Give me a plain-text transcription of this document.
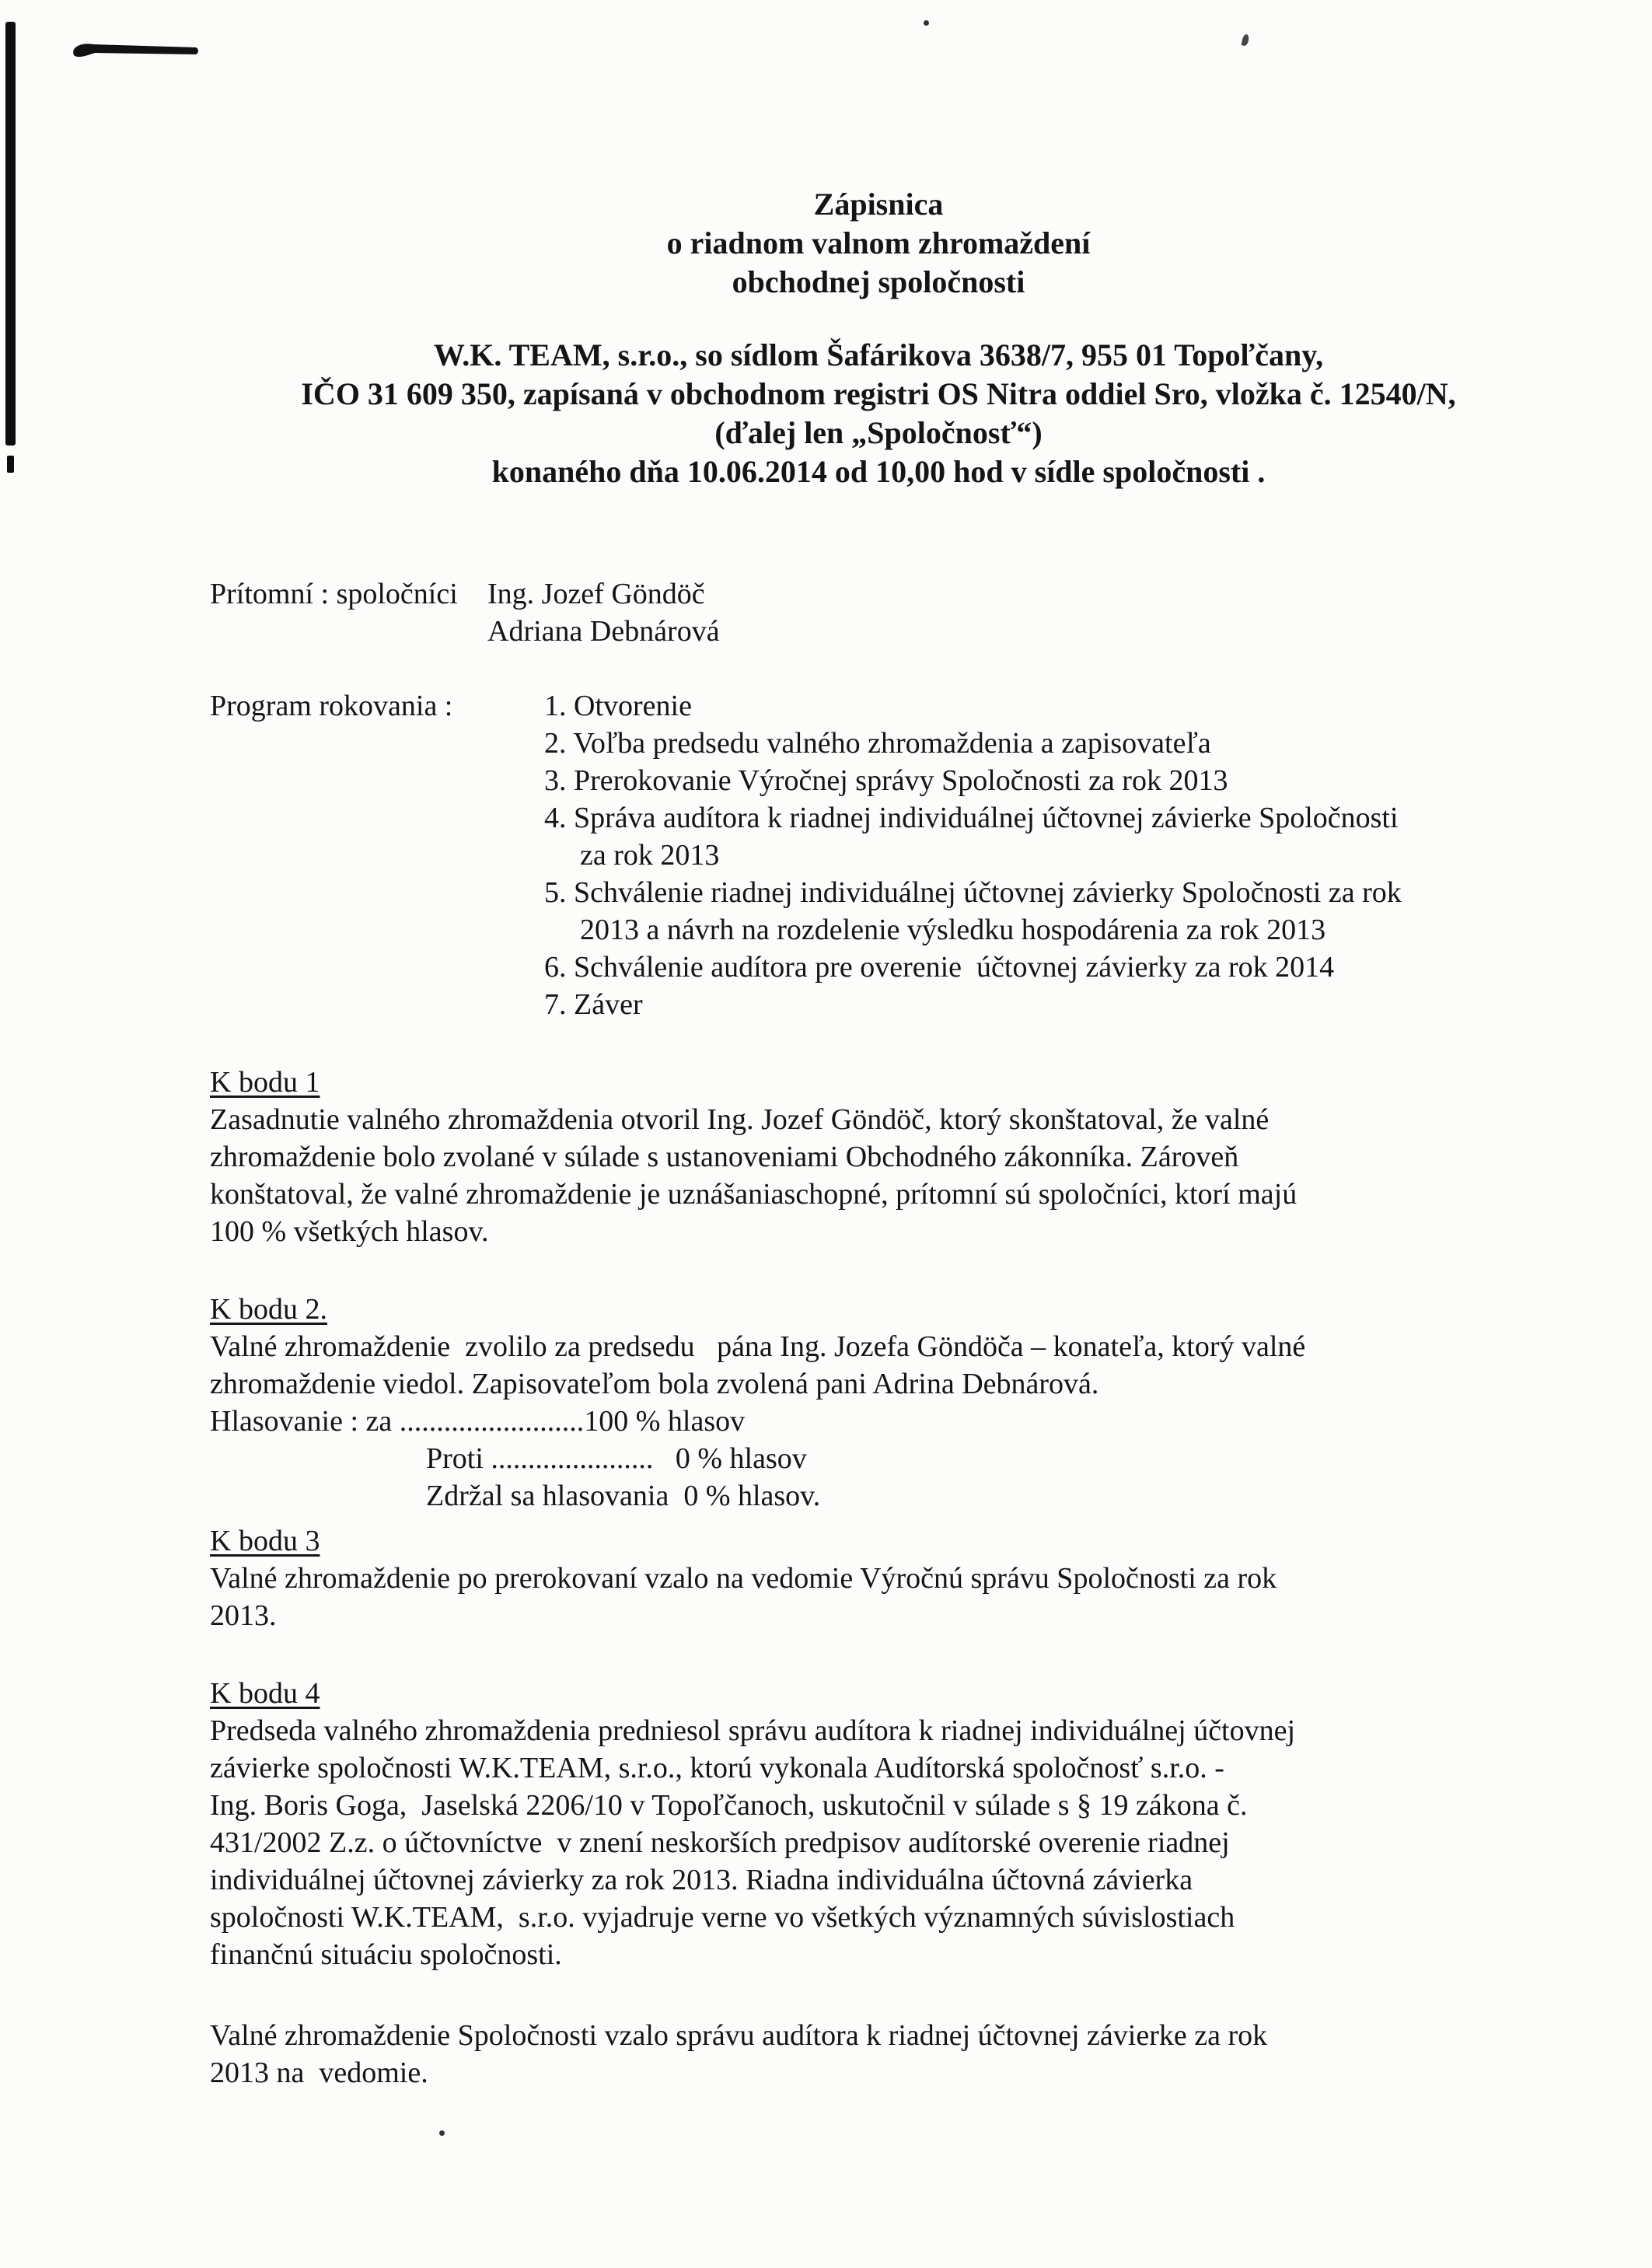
Zápisnica
o riadnom valnom zhromaždení
obchodnej spoločnosti
W.K. TEAM, s.r.o., so sídlom Šafárikova 3638/7, 955 01 Topoľčany,
IČO 31 609 350, zapísaná v obchodnom registri OS Nitra oddiel Sro, vložka č. 12540/N,
(ďalej len „Spoločnosť“)
konaného dňa 10.06.2014 od 10,00 hod v sídle spoločnosti .
Prítomní : spoločníci	Ing. Jozef Göndöč
Adriana Debnárová
Program rokovania :	1. Otvorenie
2. Voľba predsedu valného zhromaždenia a zapisovateľa
3. Prerokovanie Výročnej správy Spoločnosti za rok 2013
4. Správa audítora k riadnej individuálnej účtovnej závierke Spoločnosti
za rok 2013
5. Schválenie riadnej individuálnej účtovnej závierky Spoločnosti za rok
2013 a návrh na rozdelenie výsledku hospodárenia za rok 2013
6. Schválenie audítora pre overenie  účtovnej závierky za rok 2014
7. Záver
K bodu 1
Zasadnutie valného zhromaždenia otvoril Ing. Jozef Göndöč, ktorý skonštatoval, že valné
zhromaždenie bolo zvolané v súlade s ustanoveniami Obchodného zákonníka. Zároveň
konštatoval, že valné zhromaždenie je uznášaniaschopné, prítomní sú spoločníci, ktorí majú
100 % všetkých hlasov.
K bodu 2.
Valné zhromaždenie  zvolilo za predsedu   pána Ing. Jozefa Göndöča – konateľa, ktorý valné
zhromaždenie viedol. Zapisovateľom bola zvolená pani Adrina Debnárová.
Hlasovanie : za .........................100 % hlasov
Proti ......................   0 % hlasov
Zdržal sa hlasovania  0 % hlasov.
K bodu 3
Valné zhromaždenie po prerokovaní vzalo na vedomie Výročnú správu Spoločnosti za rok
2013.
K bodu 4
Predseda valného zhromaždenia predniesol správu audítora k riadnej individuálnej účtovnej
závierke spoločnosti W.K.TEAM, s.r.o., ktorú vykonala Audítorská spoločnosť s.r.o. -
Ing. Boris Goga,  Jaselská 2206/10 v Topoľčanoch, uskutočnil v súlade s § 19 zákona č.
431/2002 Z.z. o účtovníctve  v znení neskorších predpisov audítorské overenie riadnej
individuálnej účtovnej závierky za rok 2013. Riadna individuálna účtovná závierka
spoločnosti W.K.TEAM,  s.r.o. vyjadruje verne vo všetkých významných súvislostiach
finančnú situáciu spoločnosti.
Valné zhromaždenie Spoločnosti vzalo správu audítora k riadnej účtovnej závierke za rok
2013 na  vedomie.
